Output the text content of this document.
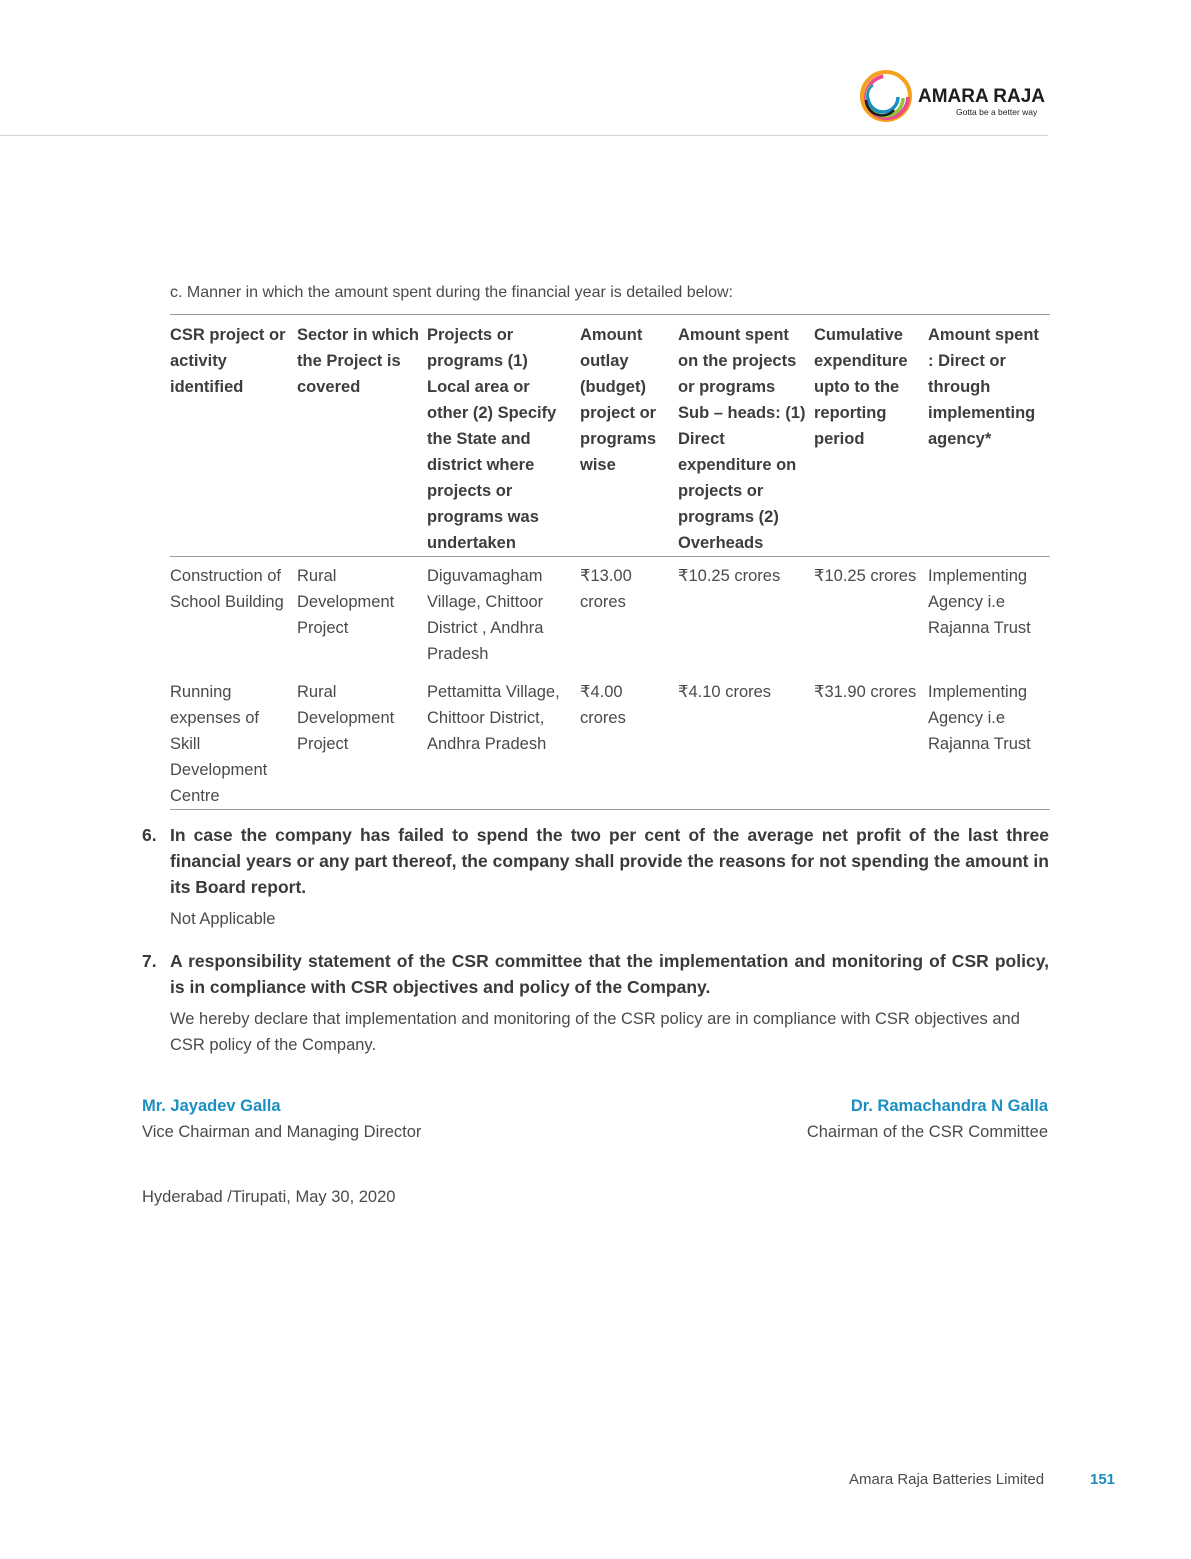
AMARA RAJA
Gotta be a better way
c. Manner in which the amount spent during the financial year is detailed below:
CSR project or activity identified	Sector in which the Project is covered	Projects or programs (1) Local area or other (2) Specify the State and district where projects or programs was undertaken	Amount outlay (budget) project or programs wise	Amount spent on the projects or programs Sub – heads: (1) Direct expenditure on projects or programs (2) Overheads	Cumulative expenditure upto to the reporting period	Amount spent : Direct or through implementing agency*
Construction of School Building	Rural Development Project	Diguvamagham Village, Chittoor District , Andhra Pradesh	₹13.00 crores	₹10.25 crores	₹10.25 crores	Implementing Agency i.e Rajanna Trust
Running expenses of Skill Development Centre	Rural Development Project	Pettamitta Village, Chittoor District, Andhra Pradesh	₹4.00 crores	₹4.10 crores	₹31.90 crores	Implementing Agency i.e Rajanna Trust
6. In case the company has failed to spend the two per cent of the average net profit of the last three financial years or any part thereof, the company shall provide the reasons for not spending the amount in its Board report.
Not Applicable
7. A responsibility statement of the CSR committee that the implementation and monitoring of CSR policy, is in compliance with CSR objectives and policy of the Company.
We hereby declare that implementation and monitoring of the CSR policy are in compliance with CSR objectives and CSR policy of the Company.
Mr. Jayadev Galla
Vice Chairman and Managing Director
Dr. Ramachandra N Galla
Chairman of the CSR Committee
Hyderabad /Tirupati, May 30, 2020
Amara Raja Batteries Limited	151
